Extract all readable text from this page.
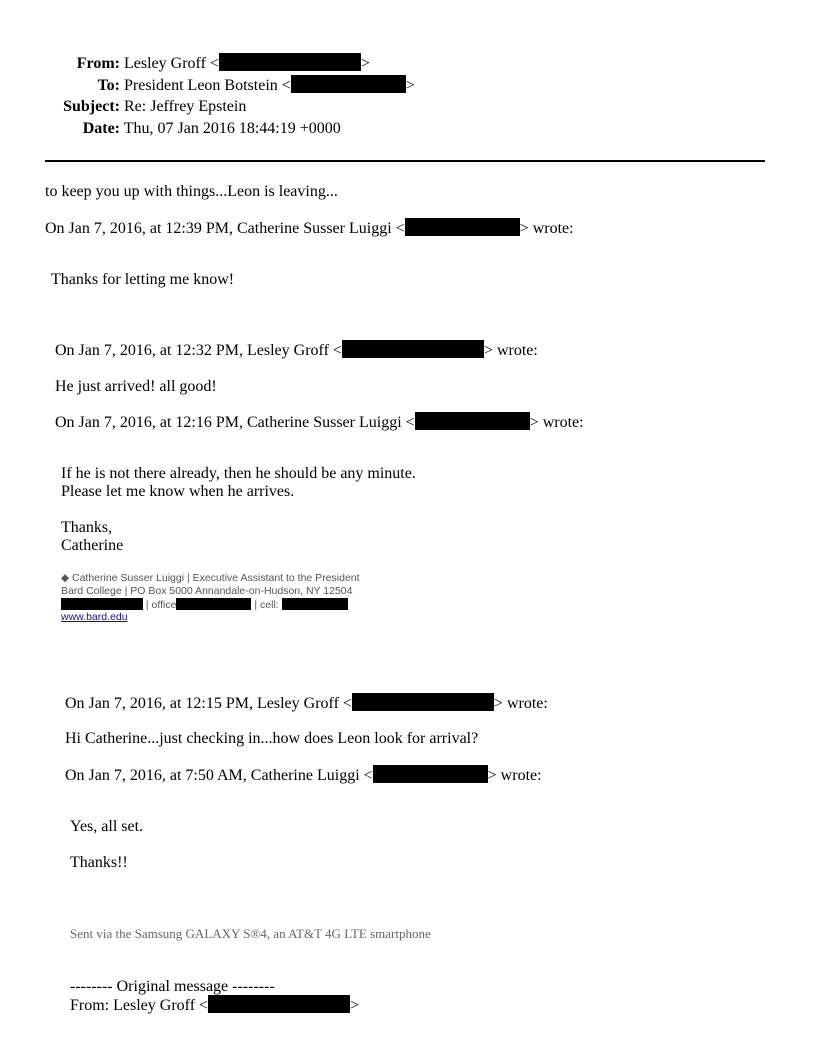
From: Lesley Groff <	>
To: President Leon Botstein <	>
Subject: Re: Jeffrey Epstein
Date: Thu, 07 Jan 2016 18:44:19 +0000
to keep you up with things...Leon is leaving...
On Jan 7, 2016, at 12:39 PM, Catherine Susser Luiggi <	> wrote:
Thanks for letting me know!
On Jan 7, 2016, at 12:32 PM, Lesley Groff <	> wrote:
He just arrived! all good!
On Jan 7, 2016, at 12:16 PM, Catherine Susser Luiggi <	> wrote:
If he is not there already, then he should be any minute.
Please let me know when he arrives.
Thanks,
Catherine
◆ Catherine Susser Luiggi | Executive Assistant to the President
Bard College | PO Box 5000 Annandale-on-Hudson, NY 12504
| office	| cell:
www.bard.edu
On Jan 7, 2016, at 12:15 PM, Lesley Groff <	> wrote:
Hi Catherine...just checking in...how does Leon look for arrival?
On Jan 7, 2016, at 7:50 AM, Catherine Luiggi <	> wrote:
Yes, all set.
Thanks!!
Sent via the Samsung GALAXY S®4, an AT&T 4G LTE smartphone
-------- Original message --------
From: Lesley Groff <	>
